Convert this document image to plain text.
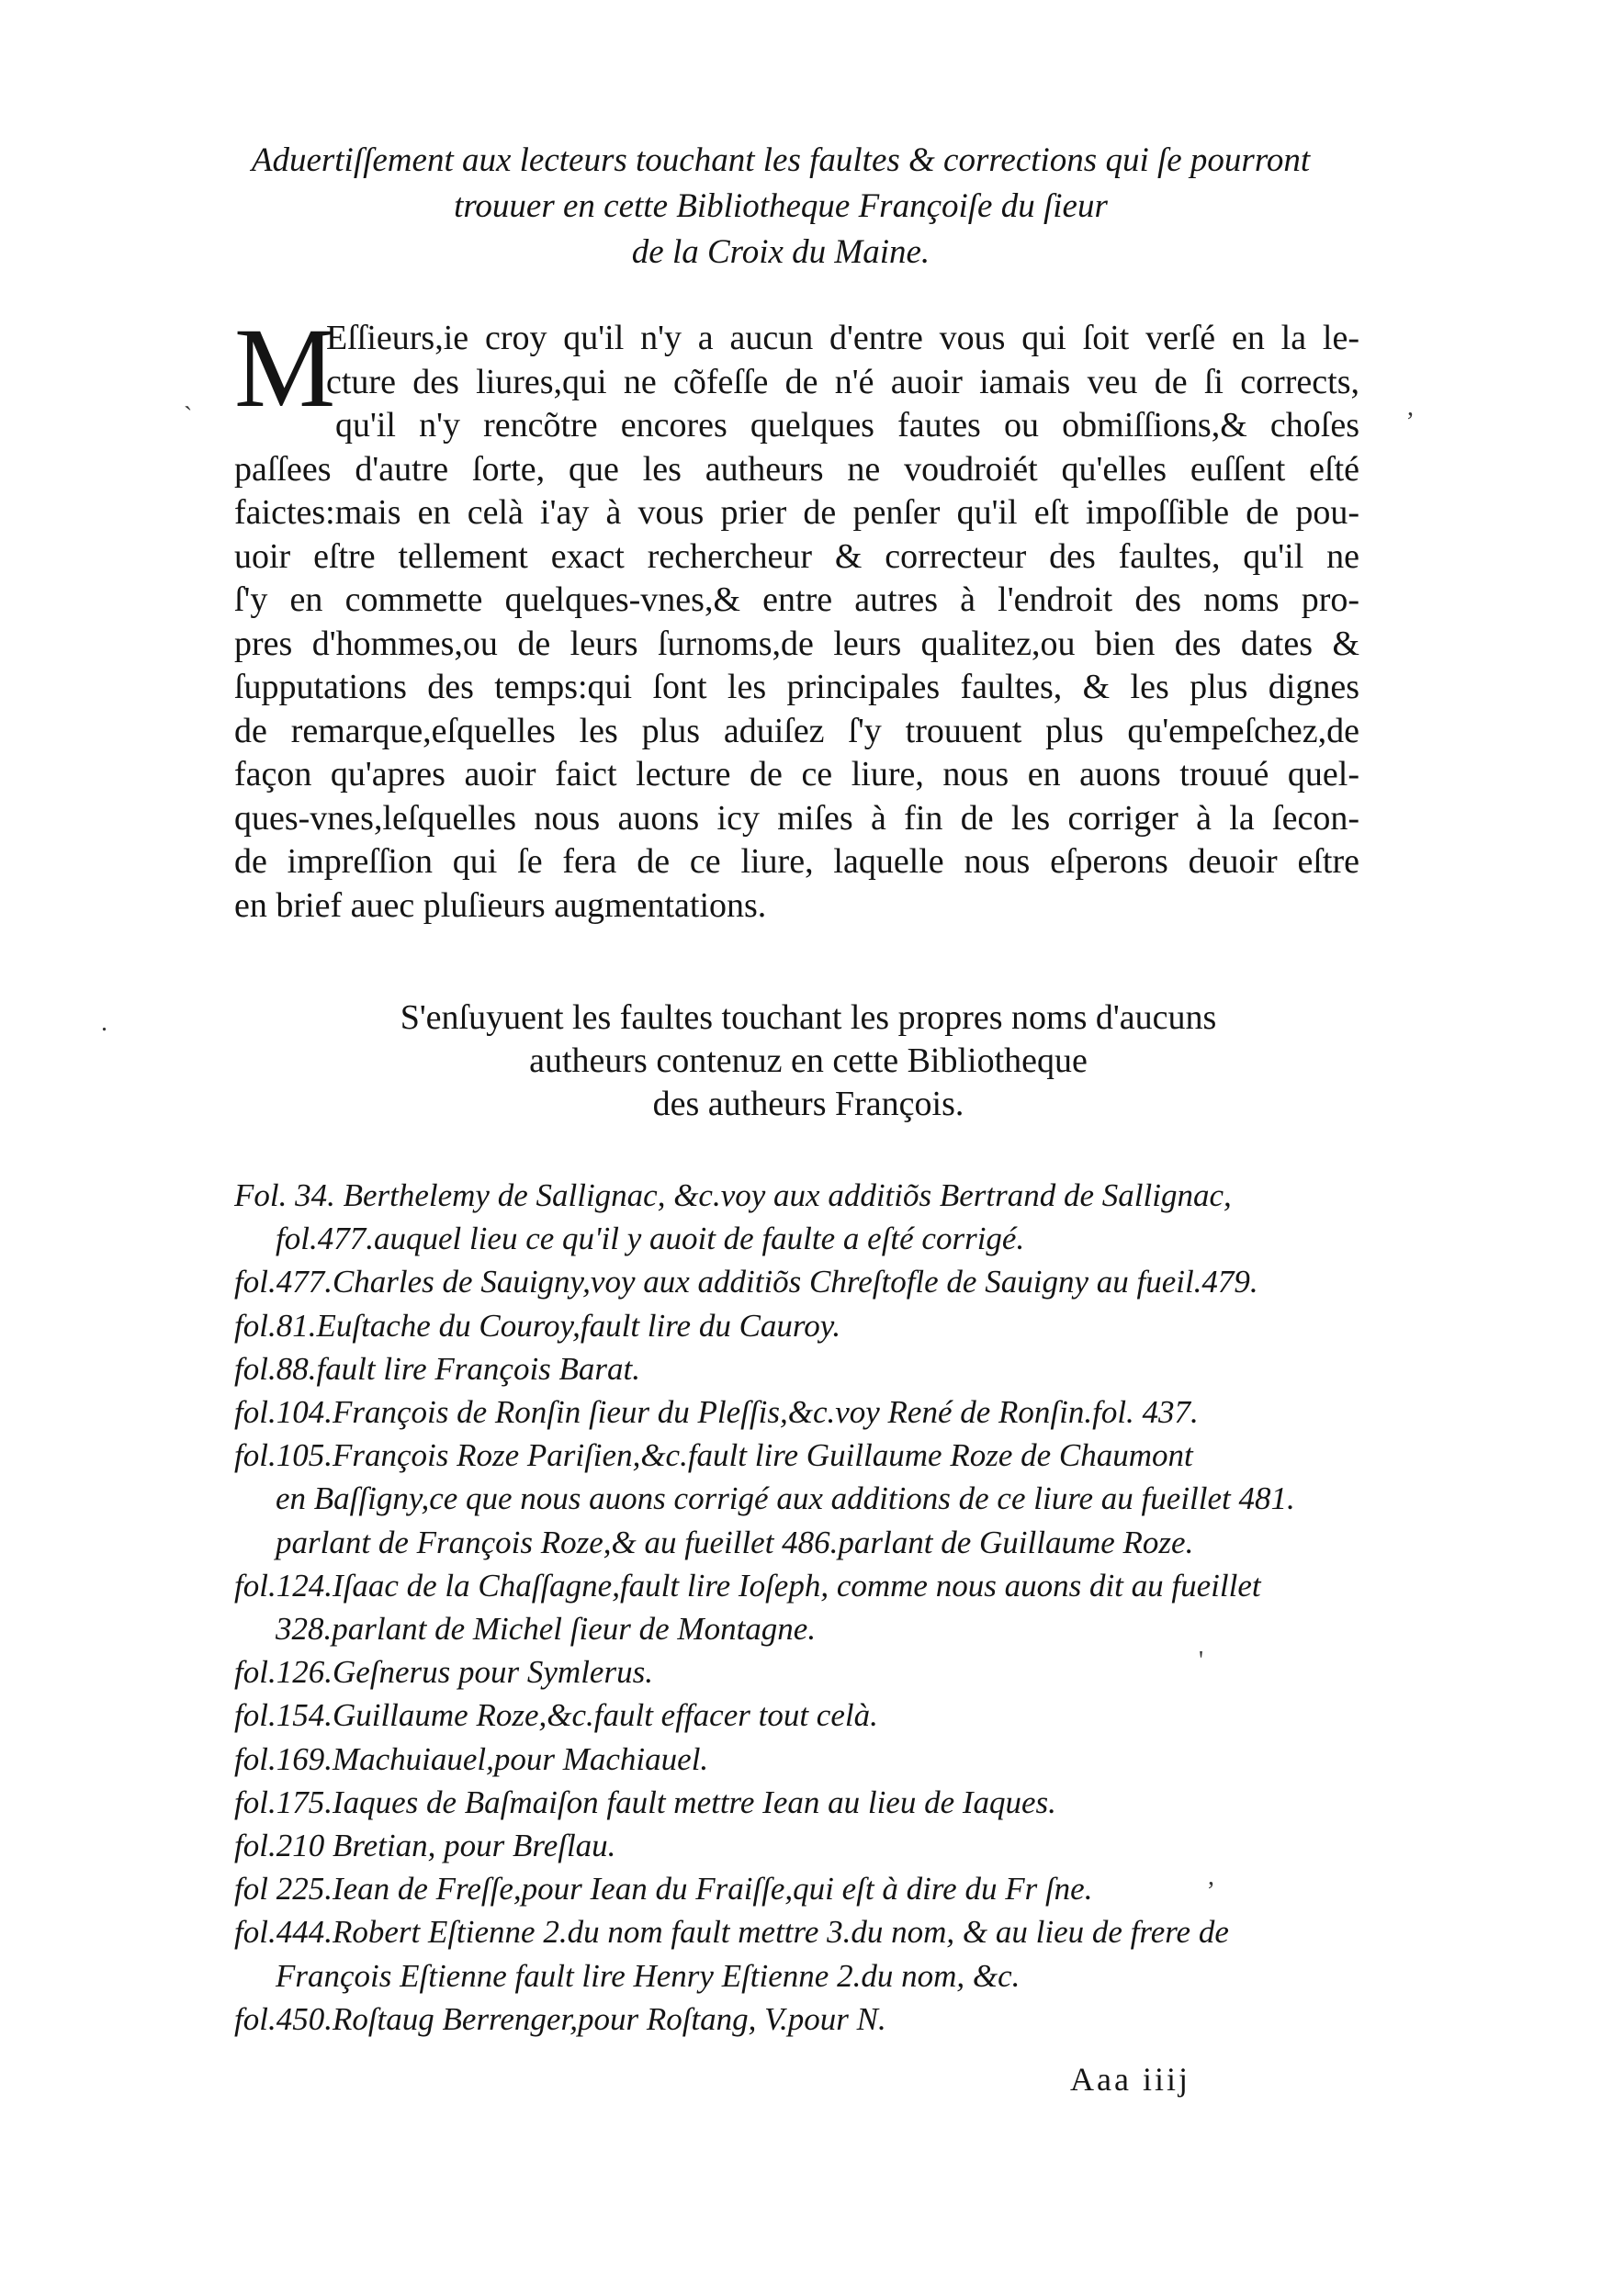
Aduertiſſement aux lecteurs touchant les faultes & corrections qui ſe pourront
trouuer en cette Bibliotheque Françoiſe du ſieur
de la Croix du Maine.
M
Eſſieurs,ie croy qu'il n'y a aucun d'entre vous qui ſoit verſé en la le-
cture des liures,qui ne cõfeſſe de n'é auoir iamais veu de ſi corrects,
qu'il n'y rencõtre encores quelques fautes ou obmiſſions,& choſes
paſſees d'autre ſorte, que les autheurs ne voudroiét qu'elles euſſent eſté
faictes:mais en celà i'ay à vous prier de penſer qu'il eſt impoſſible de pou-
uoir eſtre tellement exact rechercheur & correcteur des faultes, qu'il ne
ſ'y en commette quelques-vnes,& entre autres à l'endroit des noms pro-
pres d'hommes,ou de leurs ſurnoms,de leurs qualitez,ou bien des dates &
ſupputations des temps:qui ſont les principales faultes, & les plus dignes
de remarque,eſquelles les plus aduiſez ſ'y trouuent plus qu'empeſchez,de
façon qu'apres auoir faict lecture de ce liure, nous en auons trouué quel-
ques-vnes,leſquelles nous auons icy miſes à fin de les corriger à la ſecon-
de impreſſion qui ſe fera de ce liure, laquelle nous eſperons deuoir eſtre
en brief auec pluſieurs augmentations.
S'enſuyuent les faultes touchant les propres noms d'aucuns
autheurs contenuz en cette Bibliotheque
des autheurs François.
Fol. 34. Berthelemy de Sallignac, &c.voy aux additiõs Bertrand de Sallignac,
fol.477.auquel lieu ce qu'il y auoit de faulte a eſté corrigé.
fol.477.Charles de Sauigny,voy aux additiõs Chreſtofle de Sauigny au fueil.479.
fol.81.Euſtache du Couroy,fault lire du Cauroy.
fol.88.fault lire François Barat.
fol.104.François de Ronſin ſieur du Pleſſis,&c.voy René de Ronſin.fol. 437.
fol.105.François Roze Pariſien,&c.fault lire Guillaume Roze de Chaumont
en Baſſigny,ce que nous auons corrigé aux additions de ce liure au fueillet 481.
parlant de François Roze,& au fueillet 486.parlant de Guillaume Roze.
fol.124.Iſaac de la Chaſſagne,fault lire Ioſeph, comme nous auons dit au fueillet
328.parlant de Michel ſieur de Montagne.
fol.126.Geſnerus pour Symlerus.
fol.154.Guillaume Roze,&c.fault effacer tout celà.
fol.169.Machuiauel,pour Machiauel.
fol.175.Iaques de Baſmaiſon fault mettre Iean au lieu de Iaques.
fol.210 Bretian, pour Breſlau.
fol 225.Iean de Freſſe,pour Iean du Fraiſſe,qui eſt à dire du Fr ſne.
fol.444.Robert Eſtienne 2.du nom fault mettre 3.du nom, & au lieu de frere de
François Eſtienne fault lire Henry Eſtienne 2.du nom, &c.
fol.450.Roſtaug Berrenger,pour Roſtang, V.pour N.
Aaa iiij
`	,
.
'
,
